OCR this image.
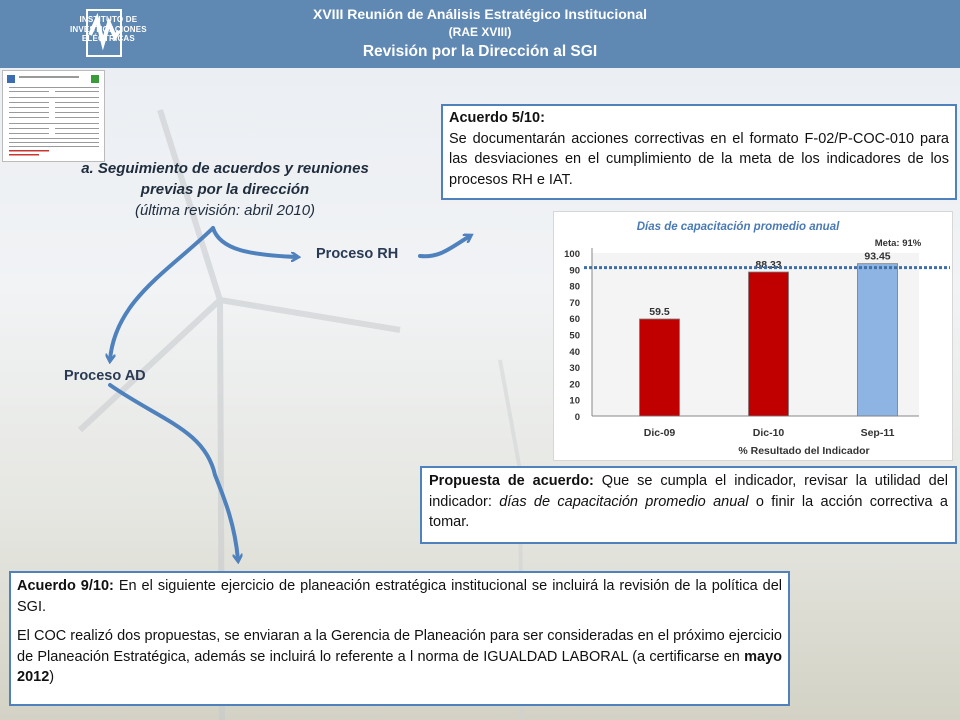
INSTITUTO DE
INVESTIGACIONES
ELÉCTRICAS
XVIII Reunión de Análisis Estratégico Institucional
(RAE XVIII)
Revisión por la Dirección al SGI
a. Seguimiento de acuerdos y reuniones
previas por la dirección
(última revisión: abril 2010)
Proceso RH
Proceso AD

Acuerdo 5/10:

Se documentarán acciones correctivas en el formato F-02/P-COC-010 para las desviaciones en el cumplimiento de la meta de los indicadores de los procesos RH e IAT.

Días de capacitación promedio anual
0
10
20
30
40
50
60
70
80
90
100
59.5
Dic-09
88.33
Dic-10
93.45
Sep-11
Meta: 91%
% Resultado del Indicador

Propuesta de acuerdo: Que se cumpla el indicador, revisar la utilidad del indicador: días de capacitación promedio anual o finir la acción correctiva a tomar.

Acuerdo 9/10: En el siguiente ejercicio de planeación estratégica institucional se incluirá la revisión de la política del SGI.

El COC realizó dos propuestas, se enviaran a la Gerencia de Planeación para ser consideradas en el próximo ejercicio de Planeación Estratégica, además se incluirá lo referente a l norma de IGUALDAD LABORAL (a certificarse en mayo 2012)
